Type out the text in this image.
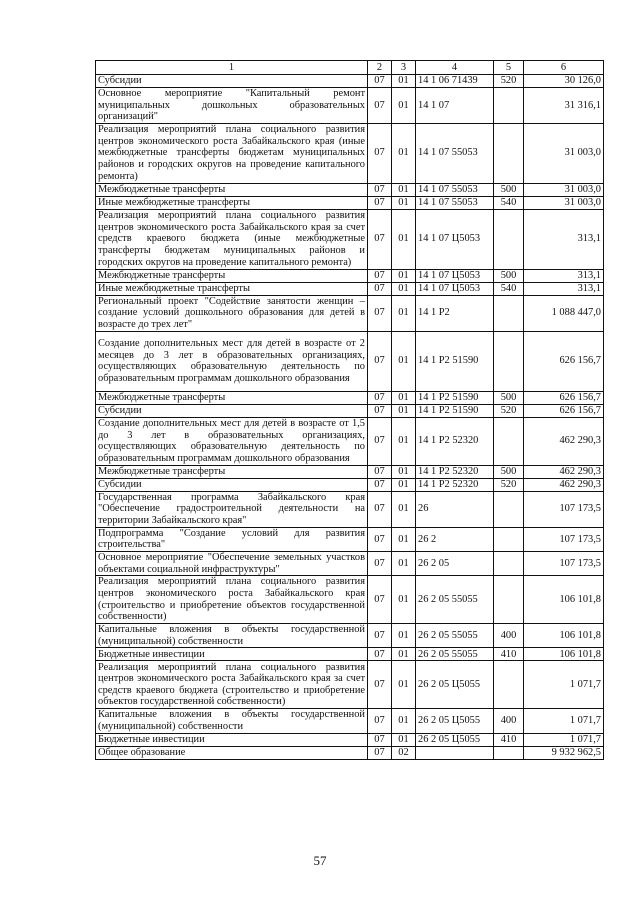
1	2	3	4	5	6
Субсидии	07	01	14 1 06 71439	520	30 126,0
Основное мероприятие "Капитальный ремонт муниципальных дошкольных образовательных организаций"	07	01	14 1 07		31 316,1
Реализация мероприятий плана социального развития центров экономического роста Забайкальского края (иные межбюджетные трансферты бюджетам муниципальных районов и городских округов на проведение капитального ремонта)	07	01	14 1 07 55053		31 003,0
Межбюджетные трансферты	07	01	14 1 07 55053	500	31 003,0
Иные межбюджетные трансферты	07	01	14 1 07 55053	540	31 003,0
Реализация мероприятий плана социального развития центров экономического роста Забайкальского края за счет средств краевого бюджета (иные межбюджетные трансферты бюджетам муниципальных районов и городских округов на проведение капитального ремонта)	07	01	14 1 07 Ц5053		313,1
Межбюджетные трансферты	07	01	14 1 07 Ц5053	500	313,1
Иные межбюджетные трансферты	07	01	14 1 07 Ц5053	540	313,1
Региональный проект "Содействие занятости женщин – создание условий дошкольного образования для детей в возрасте до трех лет"	07	01	14 1 P2		1 088 447,0
Создание дополнительных мест для детей в возрасте от 2 месяцев до 3 лет в образовательных организациях, осуществляющих образовательную деятельность по образовательным программам дошкольного образования	07	01	14 1 P2 51590		626 156,7
Межбюджетные трансферты	07	01	14 1 P2 51590	500	626 156,7
Субсидии	07	01	14 1 P2 51590	520	626 156,7
Создание дополнительных мест для детей в возрасте от 1,5 до 3 лет в образовательных организациях, осуществляющих образовательную деятельность по образовательным программам дошкольного образования	07	01	14 1 P2 52320		462 290,3
Межбюджетные трансферты	07	01	14 1 P2 52320	500	462 290,3
Субсидии	07	01	14 1 P2 52320	520	462 290,3
Государственная программа Забайкальского края "Обеспечение градостроительной деятельности на территории Забайкальского края"	07	01	26		107 173,5
Подпрограмма "Создание условий для развития строительства"	07	01	26 2		107 173,5
Основное мероприятие "Обеспечение земельных участков объектами социальной инфраструктуры"	07	01	26 2 05		107 173,5
Реализация мероприятий плана социального развития центров экономического роста Забайкальского края (строительство и приобретение объектов государственной собственности)	07	01	26 2 05 55055		106 101,8
Капитальные вложения в объекты государственной (муниципальной) собственности	07	01	26 2 05 55055	400	106 101,8
Бюджетные инвестиции	07	01	26 2 05 55055	410	106 101,8
Реализация мероприятий плана социального развития центров экономического роста Забайкальского края за счет средств краевого бюджета (строительство и приобретение объектов государственной собственности)	07	01	26 2 05 Ц5055		1 071,7
Капитальные вложения в объекты государственной (муниципальной) собственности	07	01	26 2 05 Ц5055	400	1 071,7
Бюджетные инвестиции	07	01	26 2 05 Ц5055	410	1 071,7
Общее образование	07	02			9 932 962,5
57
